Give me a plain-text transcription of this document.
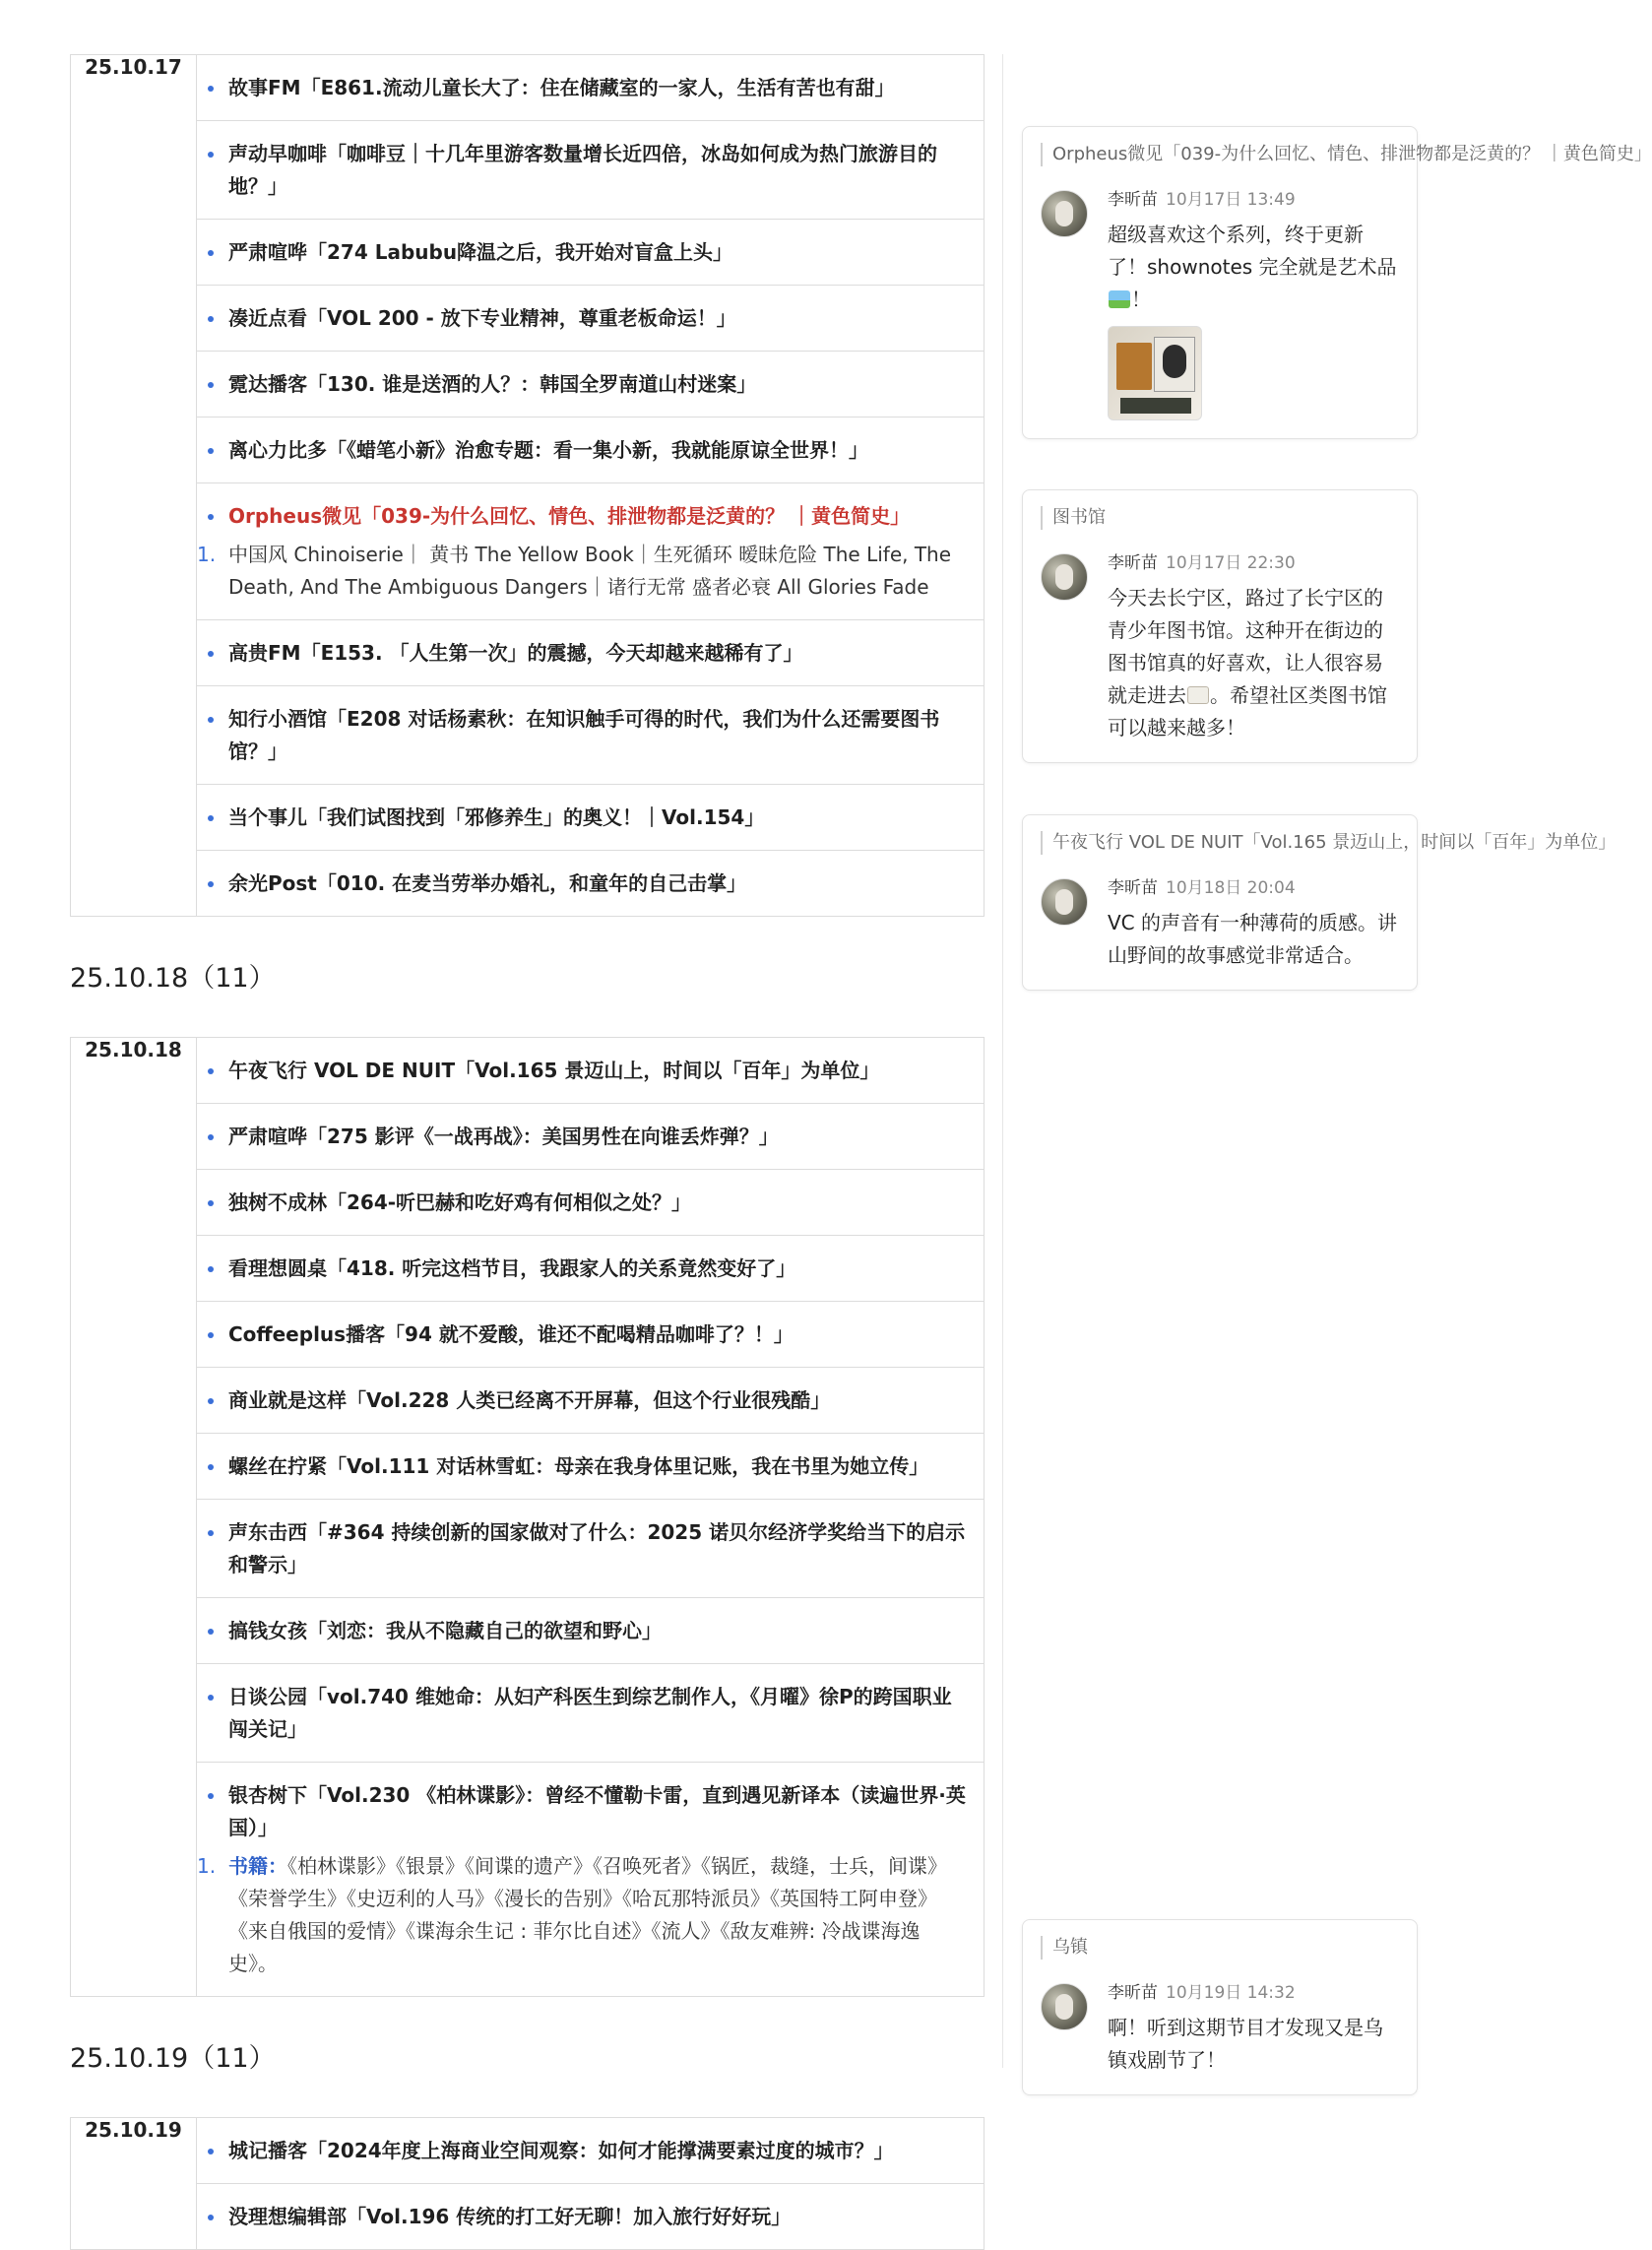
25.10.17	
故事FM「E861.流动儿童长大了：住在储藏室的一家人，生活有苦也有甜」

声动早咖啡「咖啡豆｜十几年里游客数量增长近四倍，冰岛如何成为热门旅游目的地？」

严肃喧哗「274 Labubu降温之后，我开始对盲盒上头」

凑近点看「VOL 200 - 放下专业精神，尊重老板命运！」

霓达播客「130. 谁是送酒的人？：韩国全罗南道山村迷案」

离心力比多「《蜡笔小新》治愈专题：看一集小新，我就能原谅全世界！」

Orpheus微见「039-为什么回忆、情色、排泄物都是泛黄的？ ｜黄色简史」
1. 中国风 Chinoiserie｜ 黄书 The Yellow Book｜生死循环 暧昧危险 The Life, The Death, And The Ambiguous Dangers｜诸行无常 盛者必衰 All Glories Fade

高贵FM「E153. 「人生第一次」的震撼，今天却越来越稀有了」

知行小酒馆「E208 对话杨素秋：在知识触手可得的时代，我们为什么还需要图书馆？」

当个事儿「我们试图找到「邪修养生」的奥义！｜Vol.154」

余光Post「010. 在麦当劳举办婚礼，和童年的自己击掌」
25.10.18（11）
25.10.18	
午夜飞行 VOL DE NUIT「Vol.165 景迈山上，时间以「百年」为单位」

严肃喧哗「275 影评《一战再战》：美国男性在向谁丢炸弹？」

独树不成林「264-听巴赫和吃好鸡有何相似之处？」

看理想圆桌「418. 听完这档节目，我跟家人的关系竟然变好了」

Coffeeplus播客「94 就不爱酸，谁还不配喝精品咖啡了？！」

商业就是这样「Vol.228 人类已经离不开屏幕，但这个行业很残酷」

螺丝在拧紧「Vol.111 对话林雪虹：母亲在我身体里记账，我在书里为她立传」

声东击西「#364 持续创新的国家做对了什么：2025 诺贝尔经济学奖给当下的启示和警示」

搞钱女孩「刘恋：我从不隐藏自己的欲望和野心」

日谈公园「vol.740 维她命：从妇产科医生到综艺制作人，《月曜》徐P的跨国职业闯关记」

银杏树下「Vol.230 《柏林谍影》：曾经不懂勒卡雷，直到遇见新译本（读遍世界·英国）」
1. 书籍：《柏林谍影》《银景》《间谍的遗产》《召唤死者》《锅匠，裁缝，士兵，间谍》《荣誉学生》《史迈利的人马》《漫长的告别》《哈瓦那特派员》《英国特工阿申登》《来自俄国的爱情》《谍海余生记 : 菲尔比自述》《流人》《敌友难辨: 冷战谍海逸史》。
25.10.19（11）
25.10.19	
城记播客「2024年度上海商业空间观察：如何才能撑满要素过度的城市？」

没理想编辑部「Vol.196 传统的打工好无聊！加入旅行好好玩」
Orpheus微见「039-为什么回忆、情色、排泄物都是泛黄的？ ｜黄色简史」
李昕苗 10月17日 13:49
超级喜欢这个系列，终于更新了！shownotes 完全就是艺术品！
图书馆
李昕苗 10月17日 22:30
今天去长宁区，路过了长宁区的青少年图书馆。这种开在街边的图书馆真的好喜欢，让人很容易就走进去 。希望社区类图书馆可以越来越多！
午夜飞行 VOL DE NUIT「Vol.165 景迈山上，时间以「百年」为单位」
李昕苗 10月18日 20:04
VC 的声音有一种薄荷的质感。讲山野间的故事感觉非常适合。
乌镇
李昕苗 10月19日 14:32
啊！听到这期节目才发现又是乌镇戏剧节了！
